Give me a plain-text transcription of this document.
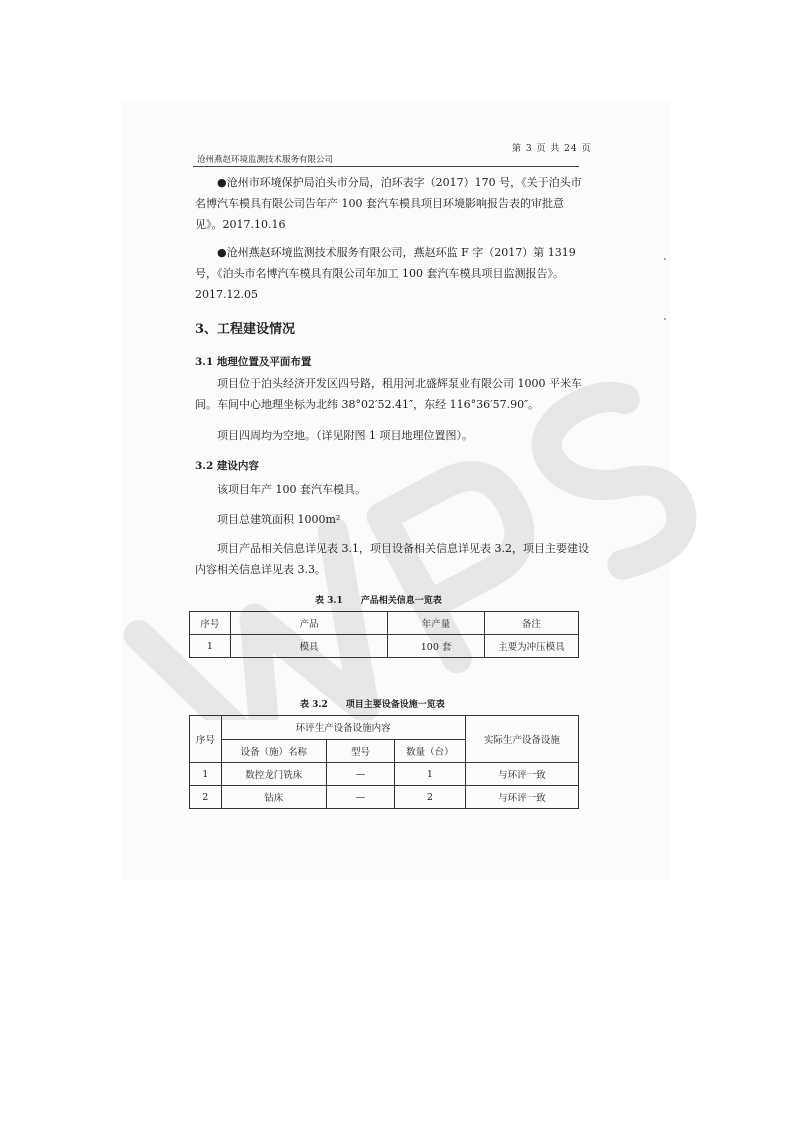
第 3 页 共 24 页
沧州燕赵环境监测技术服务有限公司

●沧州市环境保护局泊头市分局，泊环表字（2017）170 号，《关于泊头市名博汽车模具有限公司告年产 100 套汽车模具项目环境影响报告表的审批意见》。2017.10.16

●沧州燕赵环境监测技术服务有限公司，燕赵环监 F 字（2017）第 1319 号，《泊头市名博汽车模具有限公司年加工 100 套汽车模具项目监测报告》。2017.12.05

3、工程建设情况
3.1 地理位置及平面布置

项目位于泊头经济开发区四号路，租用河北盛辉泵业有限公司 1000 平米车间。车间中心地理坐标为北纬 38°02′52.41″，东经 116°36′57.90″。

项目四周均为空地。（详见附图 1 项目地理位置图）。

3.2 建设内容

该项目年产 100 套汽车模具。

项目总建筑面积 1000m²

项目产品相关信息详见表 3.1，项目设备相关信息详见表 3.2，项目主要建设内容相关信息详见表 3.3。

表 3.1　　产品相关信息一览表
序号	产品	年产量	备注
1	模具	100 套	主要为冲压模具
表 3.2　　项目主要设备设施一览表
序号	环评生产设备设施内容			实际生产设备设施
	设备（施）名称	型号	数量（台）	
1	数控龙门铣床	—	1	与环评一致
2	钻床	—	2	与环评一致
